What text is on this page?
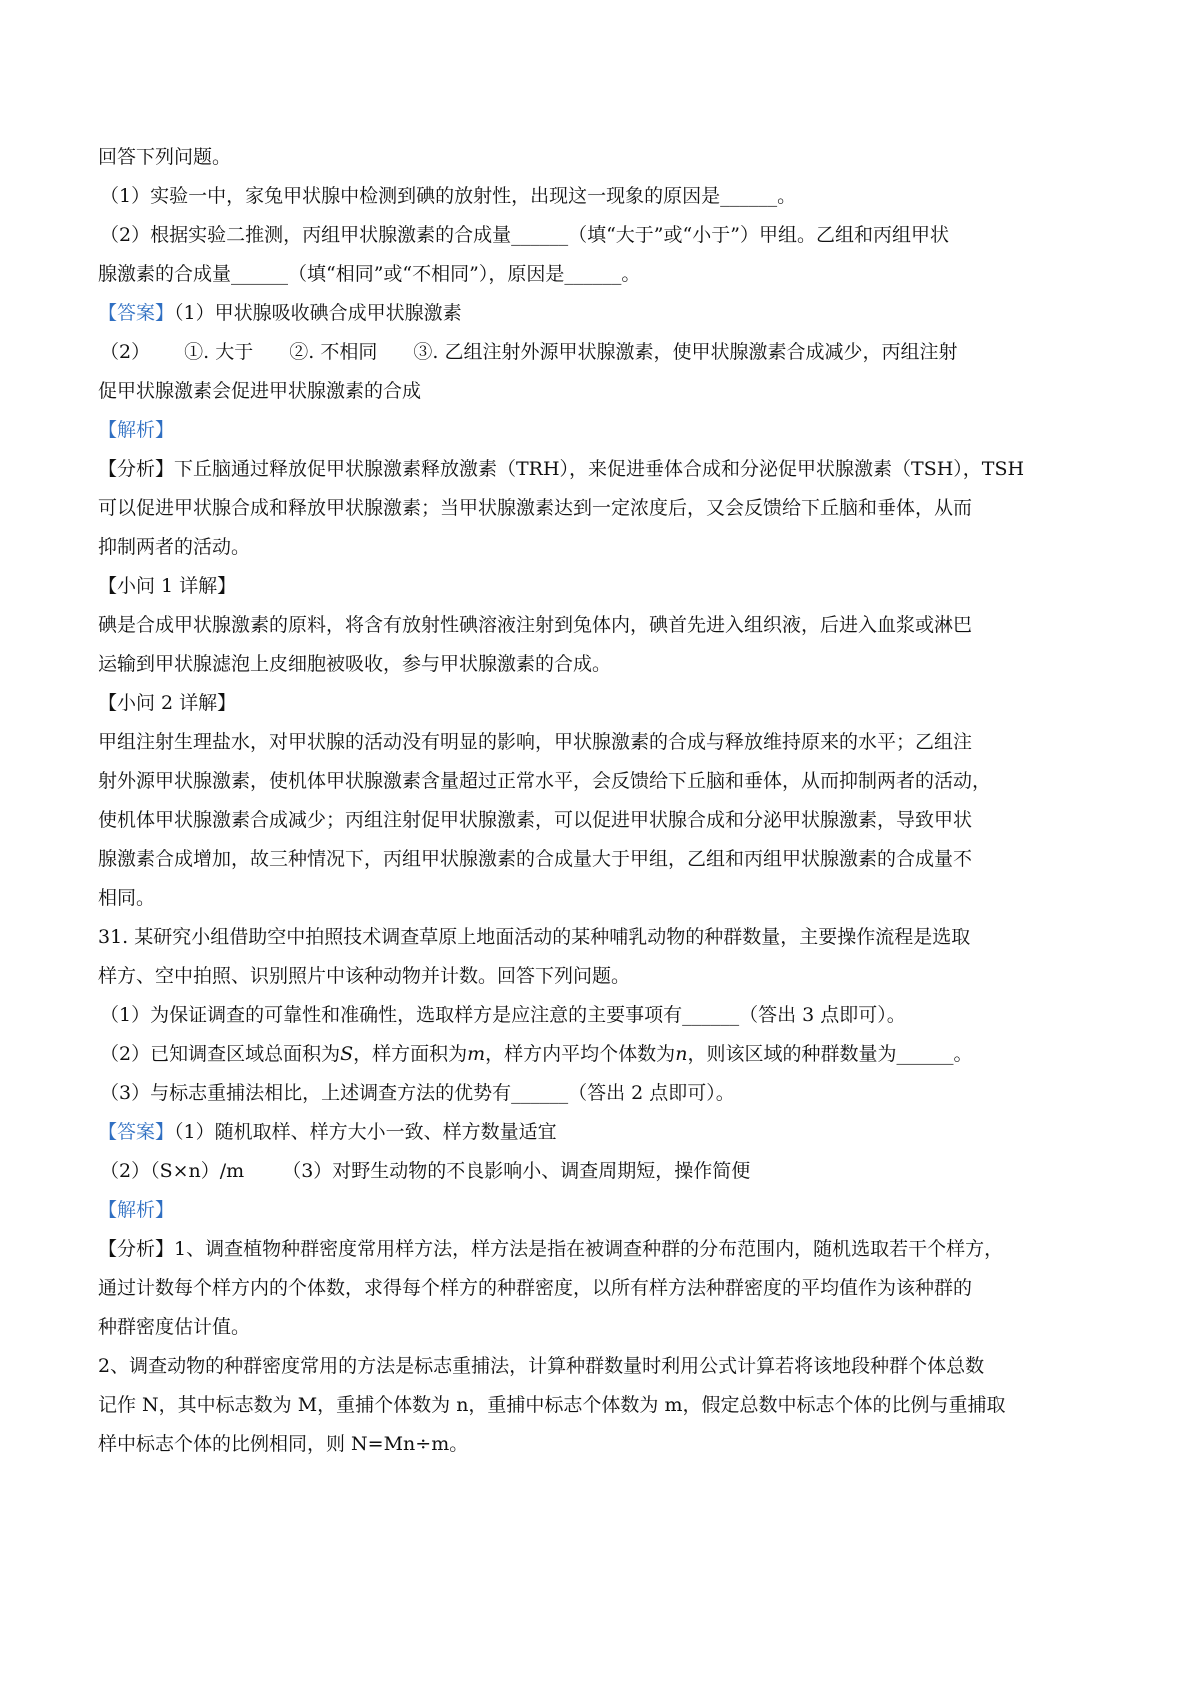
回答下列问题。
（1）实验一中，家兔甲状腺中检测到碘的放射性，出现这一现象的原因是______。
（2）根据实验二推测，丙组甲状腺激素的合成量______（填“大于”或“小于”）甲组。乙组和丙组甲状
腺激素的合成量______（填“相同”或“不相同”），原因是______。
【答案】（1）甲状腺吸收碘合成甲状腺激素
（2） ①. 大于 ②. 不相同 ③. 乙组注射外源甲状腺激素，使甲状腺激素合成减少，丙组注射
促甲状腺激素会促进甲状腺激素的合成
【解析】
【分析】下丘脑通过释放促甲状腺激素释放激素（TRH），来促进垂体合成和分泌促甲状腺激素（TSH），TSH
可以促进甲状腺合成和释放甲状腺激素；当甲状腺激素达到一定浓度后，又会反馈给下丘脑和垂体，从而
抑制两者的活动。
【小问 1 详解】
碘是合成甲状腺激素的原料，将含有放射性碘溶液注射到兔体内，碘首先进入组织液，后进入血浆或淋巴
运输到甲状腺滤泡上皮细胞被吸收，参与甲状腺激素的合成。
【小问 2 详解】
甲组注射生理盐水，对甲状腺的活动没有明显的影响，甲状腺激素的合成与释放维持原来的水平；乙组注
射外源甲状腺激素，使机体甲状腺激素含量超过正常水平，会反馈给下丘脑和垂体，从而抑制两者的活动，
使机体甲状腺激素合成减少；丙组注射促甲状腺激素，可以促进甲状腺合成和分泌甲状腺激素，导致甲状
腺激素合成增加，故三种情况下，丙组甲状腺激素的合成量大于甲组，乙组和丙组甲状腺激素的合成量不
相同。
31. 某研究小组借助空中拍照技术调查草原上地面活动的某种哺乳动物的种群数量，主要操作流程是选取
样方、空中拍照、识别照片中该种动物并计数。回答下列问题。
（1）为保证调查的可靠性和准确性，选取样方是应注意的主要事项有______（答出 3 点即可）。
（2）已知调查区域总面积为S，样方面积为m，样方内平均个体数为n，则该区域的种群数量为______。
（3）与标志重捕法相比，上述调查方法的优势有______（答出 2 点即可）。
【答案】（1）随机取样、样方大小一致、样方数量适宜
（2）（S×n）/m （3）对野生动物的不良影响小、调查周期短，操作简便
【解析】
【分析】1、调查植物种群密度常用样方法，样方法是指在被调查种群的分布范围内，随机选取若干个样方，
通过计数每个样方内的个体数，求得每个样方的种群密度，以所有样方法种群密度的平均值作为该种群的
种群密度估计值。
2、调查动物的种群密度常用的方法是标志重捕法，计算种群数量时利用公式计算若将该地段种群个体总数
记作 N，其中标志数为 M，重捕个体数为 n，重捕中标志个体数为 m，假定总数中标志个体的比例与重捕取
样中标志个体的比例相同，则 N=Mn÷m。
